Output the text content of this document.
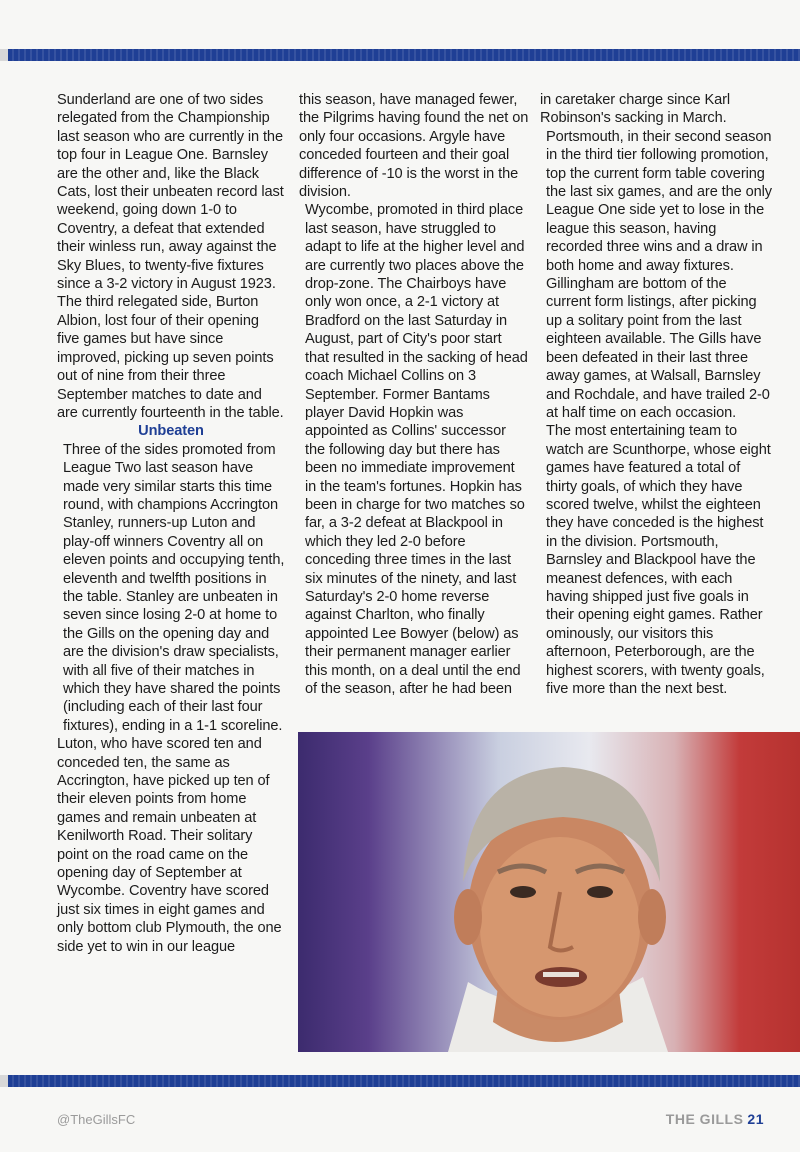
Sunderland are one of two sides relegated from the Championship last season who are currently in the top four in League One. Barnsley are the other and, like the Black Cats, lost their unbeaten record last weekend, going down 1-0 to Coventry, a defeat that extended their winless run, away against the Sky Blues, to twenty-five fixtures since a 3-2 victory in August 1923. The third relegated side, Burton Albion, lost four of their opening five games but have since improved, picking up seven points out of nine from their three September matches to date and are currently fourteenth in the table.

Unbeaten

Three of the sides promoted from League Two last season have made very similar starts this time round, with champions Accrington Stanley, runners-up Luton and play-off winners Coventry all on eleven points and occupying tenth, eleventh and twelfth positions in the table. Stanley are unbeaten in seven since losing 2-0 at home to the Gills on the opening day and are the division's draw specialists, with all five of their matches in which they have shared the points (including each of their last four fixtures), ending in a 1-1 scoreline.

Luton, who have scored ten and conceded ten, the same as Accrington, have picked up ten of their eleven points from home games and remain unbeaten at Kenilworth Road. Their solitary point on the road came on the opening day of September at Wycombe. Coventry have scored just six times in eight games and only bottom club Plymouth, the one side yet to win in our league

this season, have managed fewer, the Pilgrims having found the net on only four occasions. Argyle have conceded fourteen and their goal difference of -10 is the worst in the division.

Wycombe, promoted in third place last season, have struggled to adapt to life at the higher level and are currently two places above the drop-zone. The Chairboys have only won once, a 2-1 victory at Bradford on the last Saturday in August, part of City's poor start that resulted in the sacking of head coach Michael Collins on 3 September. Former Bantams player David Hopkin was appointed as Collins' successor the following day but there has been no immediate improvement in the team's fortunes. Hopkin has been in charge for two matches so far, a 3-2 defeat at Blackpool in which they led 2-0 before conceding three times in the last six minutes of the ninety, and last Saturday's 2-0 home reverse against Charlton, who finally appointed Lee Bowyer (below) as their permanent manager earlier this month, on a deal until the end of the season, after he had been

in caretaker charge since Karl Robinson's sacking in March.

Portsmouth, in their second season in the third tier following promotion, top the current form table covering the last six games, and are the only League One side yet to lose in the league this season, having recorded three wins and a draw in both home and away fixtures. Gillingham are bottom of the current form listings, after picking up a solitary point from the last eighteen available. The Gills have been defeated in their last three away games, at Walsall, Barnsley and Rochdale, and have trailed 2-0 at half time on each occasion.

The most entertaining team to watch are Scunthorpe, whose eight games have featured a total of thirty goals, of which they have scored twelve, whilst the eighteen they have conceded is the highest in the division. Portsmouth, Barnsley and Blackpool have the meanest defences, with each having shipped just five goals in their opening eight games. Rather ominously, our visitors this afternoon, Peterborough, are the highest scorers, with twenty goals, five more than the next best.

@TheGillsFC	THE GILLS 21
